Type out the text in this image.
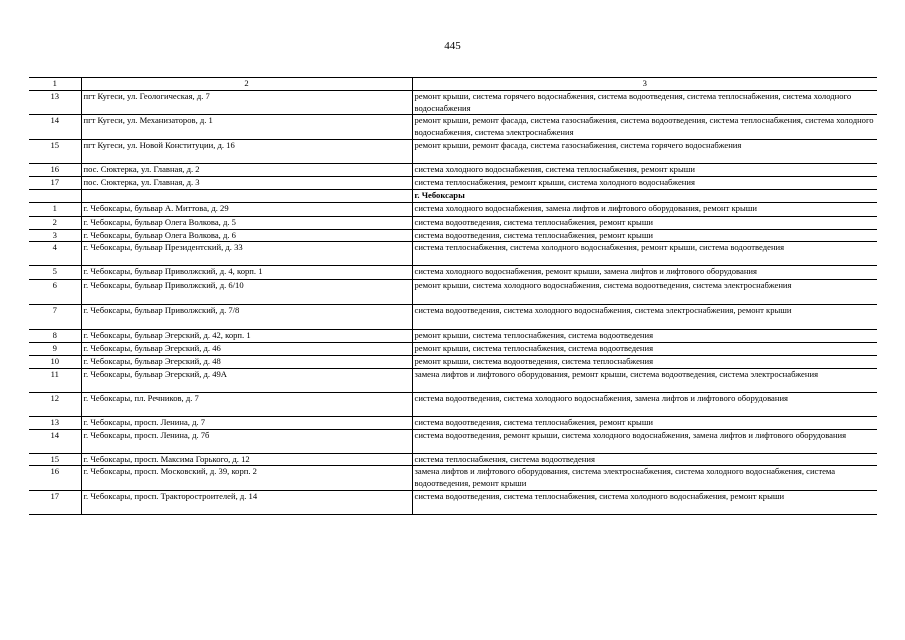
445
1	2	3
13	пгт Кугеси, ул. Геологическая, д. 7	ремонт крыши, система горячего водоснабжения, система водоотведения, система теплоснабжения, система холодного водоснабжения
14	пгт Кугеси, ул. Механизаторов, д. 1	ремонт крыши, ремонт фасада, система газоснабжения, система водоотведения, система теплоснабжения, система холодного водоснабжения, система электроснабжения
15	пгт Кугеси, ул. Новой Конституции, д. 16	ремонт крыши, ремонт фасада, система газоснабжения, система горячего водоснабжения
16	пос. Сюктерка, ул. Главная, д. 2	система холодного водоснабжения, система теплоснабжения, ремонт крыши
17	пос. Сюктерка, ул. Главная, д. 3	система теплоснабжения, ремонт крыши, система холодного водоснабжения
		г. Чебоксары
1	г. Чебоксары, бульвар А. Миттова, д. 29	система холодного водоснабжения, замена лифтов и лифтового оборудования, ремонт крыши
2	г. Чебоксары, бульвар Олега Волкова, д. 5	система водоотведения, система теплоснабжения, ремонт крыши
3	г. Чебоксары, бульвар Олега Волкова, д. 6	система водоотведения, система теплоснабжения, ремонт крыши
4	г. Чебоксары, бульвар Президентский, д. 33	система теплоснабжения, система холодного водоснабжения, ремонт крыши, система водоотведения
5	г. Чебоксары, бульвар Приволжский, д. 4, корп. 1	система холодного водоснабжения, ремонт крыши, замена лифтов и лифтового оборудования
6	г. Чебоксары, бульвар Приволжский, д. 6/10	ремонт крыши, система холодного водоснабжения, система водоотведения, система электроснабжения
7	г. Чебоксары, бульвар Приволжский, д. 7/8	система водоотведения, система холодного водоснабжения, система электроснабжения, ремонт крыши
8	г. Чебоксары, бульвар Эгерский, д. 42, корп. 1	ремонт крыши, система теплоснабжения, система водоотведения
9	г. Чебоксары, бульвар Эгерский, д. 46	ремонт крыши, система теплоснабжения, система водоотведения
10	г. Чебоксары, бульвар Эгерский, д. 48	ремонт крыши, система водоотведения, система теплоснабжения
11	г. Чебоксары, бульвар Эгерский, д. 49А	замена лифтов и лифтового оборудования, ремонт крыши, система водоотведения, система электроснабжения
12	г. Чебоксары, пл. Речников, д. 7	система водоотведения, система холодного водоснабжения, замена лифтов и лифтового оборудования
13	г. Чебоксары, просп. Ленина, д. 7	система водоотведения, система теплоснабжения, ремонт крыши
14	г. Чебоксары, просп. Ленина, д. 7б	система водоотведения, ремонт крыши, система холодного водоснабжения, замена лифтов и лифтового оборудования
15	г. Чебоксары, просп. Максима Горького, д. 12	система теплоснабжения, система водоотведения
16	г. Чебоксары, просп. Московский, д. 39, корп. 2	замена лифтов и лифтового оборудования, система электроснабжения, система холодного водоснабжения, система водоотведения, ремонт крыши
17	г. Чебоксары, просп. Тракторостроителей, д. 14	система водоотведения, система теплоснабжения, система холодного водоснабжения, ремонт крыши
